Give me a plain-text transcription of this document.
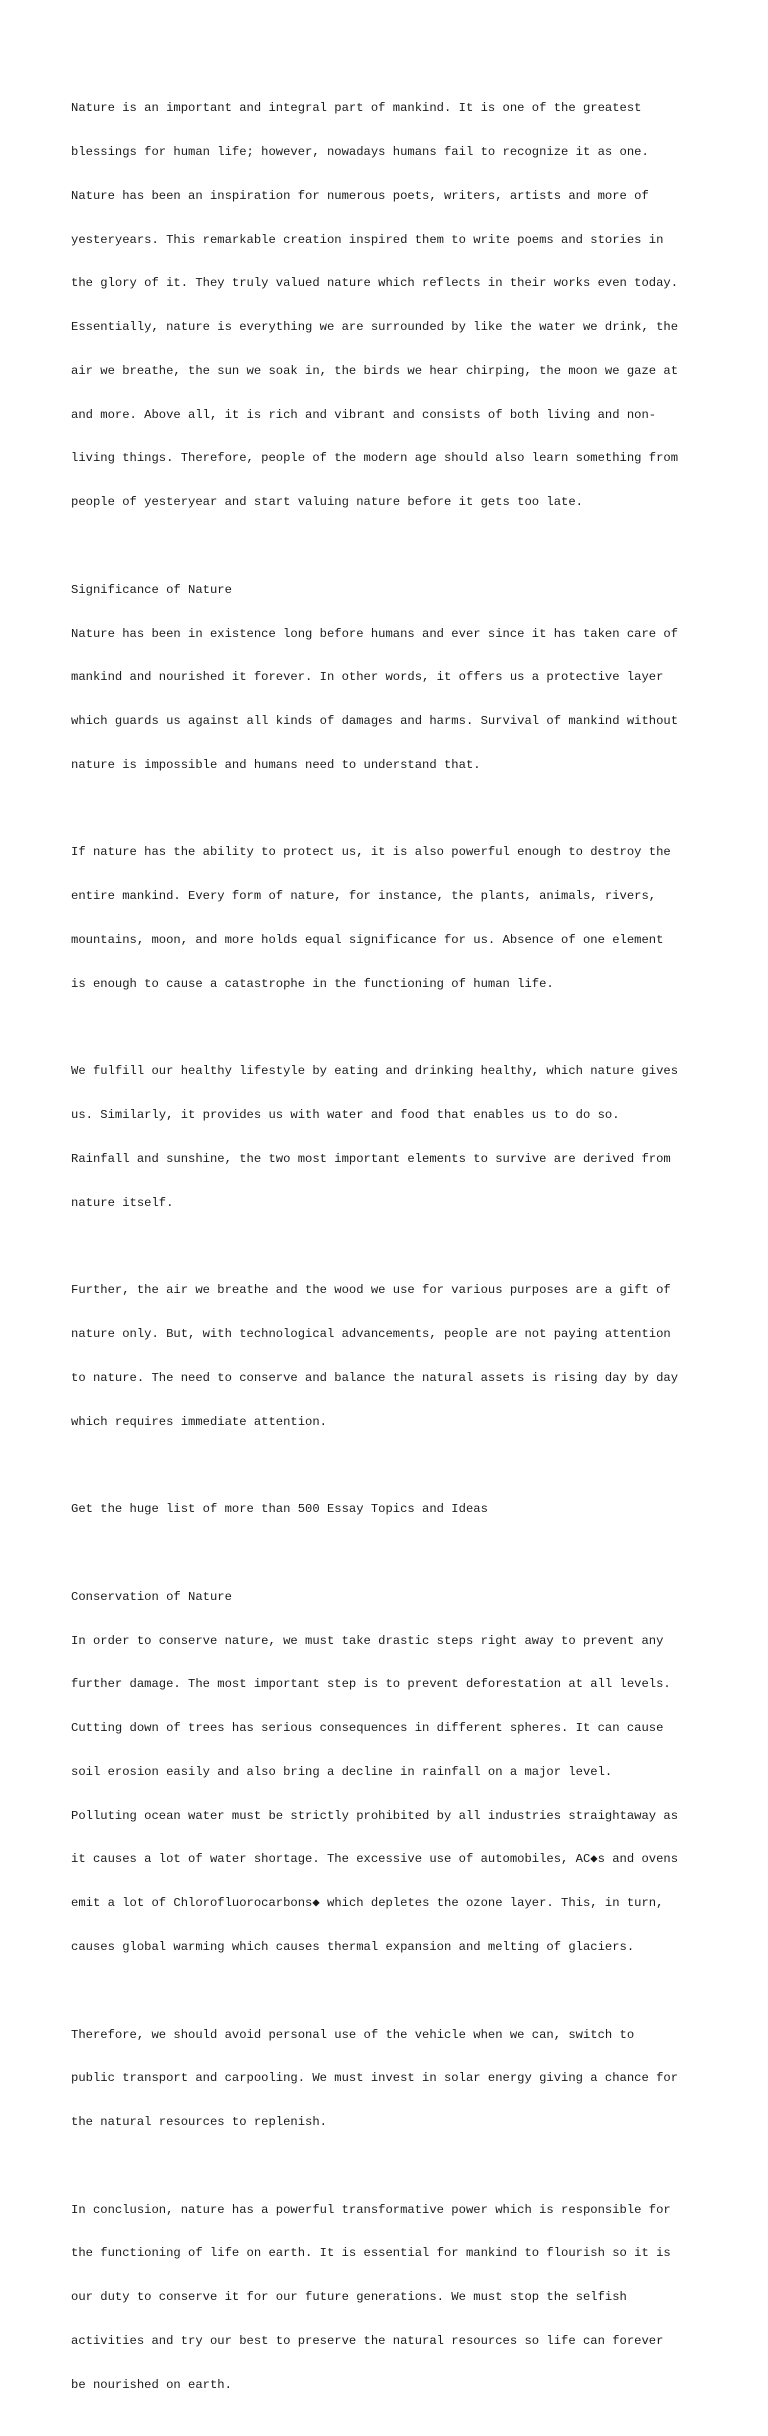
Nature is an important and integral part of mankind. It is one of the greatest

blessings for human life; however, nowadays humans fail to recognize it as one.

Nature has been an inspiration for numerous poets, writers, artists and more of

yesteryears. This remarkable creation inspired them to write poems and stories in

the glory of it. They truly valued nature which reflects in their works even today.

Essentially, nature is everything we are surrounded by like the water we drink, the

air we breathe, the sun we soak in, the birds we hear chirping, the moon we gaze at

and more. Above all, it is rich and vibrant and consists of both living and non-

living things. Therefore, people of the modern age should also learn something from

people of yesteryear and start valuing nature before it gets too late.

Significance of Nature

Nature has been in existence long before humans and ever since it has taken care of

mankind and nourished it forever. In other words, it offers us a protective layer

which guards us against all kinds of damages and harms. Survival of mankind without

nature is impossible and humans need to understand that.

If nature has the ability to protect us, it is also powerful enough to destroy the

entire mankind. Every form of nature, for instance, the plants, animals, rivers,

mountains, moon, and more holds equal significance for us. Absence of one element

is enough to cause a catastrophe in the functioning of human life.

We fulfill our healthy lifestyle by eating and drinking healthy, which nature gives

us. Similarly, it provides us with water and food that enables us to do so.

Rainfall and sunshine, the two most important elements to survive are derived from

nature itself.

Further, the air we breathe and the wood we use for various purposes are a gift of

nature only. But, with technological advancements, people are not paying attention

to nature. The need to conserve and balance the natural assets is rising day by day

which requires immediate attention.

Get the huge list of more than 500 Essay Topics and Ideas

Conservation of Nature

In order to conserve nature, we must take drastic steps right away to prevent any

further damage. The most important step is to prevent deforestation at all levels.

Cutting down of trees has serious consequences in different spheres. It can cause

soil erosion easily and also bring a decline in rainfall on a major level.

Polluting ocean water must be strictly prohibited by all industries straightaway as

it causes a lot of water shortage. The excessive use of automobiles, AC◆s and ovens

emit a lot of Chlorofluorocarbons◆ which depletes the ozone layer. This, in turn,

causes global warming which causes thermal expansion and melting of glaciers.

Therefore, we should avoid personal use of the vehicle when we can, switch to

public transport and carpooling. We must invest in solar energy giving a chance for

the natural resources to replenish.

In conclusion, nature has a powerful transformative power which is responsible for

the functioning of life on earth. It is essential for mankind to flourish so it is

our duty to conserve it for our future generations. We must stop the selfish

activities and try our best to preserve the natural resources so life can forever

be nourished on earth.
